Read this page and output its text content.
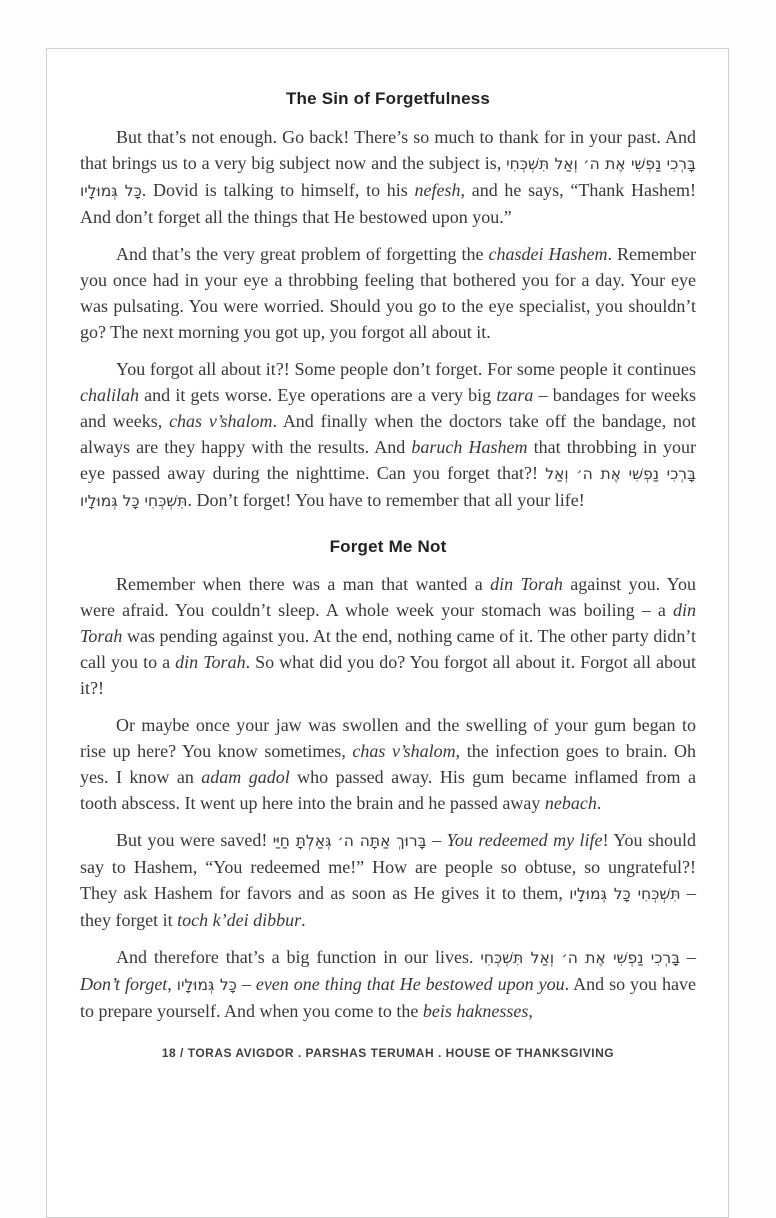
The Sin of Forgetfulness

But that’s not enough. Go back! There’s so much to thank for in your past. And that brings us to a very big subject now and the subject is, בָּרְכִי נַפְשִׁי אֶת ה׳ וְאַל תִּשְׁכְּחִי כָּל גְּמוּלָיו. Dovid is talking to himself, to his nefesh, and he says, “Thank Hashem! And don’t forget all the things that He bestowed upon you.”

And that’s the very great problem of forgetting the chasdei Hashem. Remember you once had in your eye a throbbing feeling that bothered you for a day. Your eye was pulsating. You were worried. Should you go to the eye specialist, you shouldn’t go? The next morning you got up, you forgot all about it.

You forgot all about it?! Some people don’t forget. For some people it continues chalilah and it gets worse. Eye operations are a very big tzara – bandages for weeks and weeks, chas v’shalom. And finally when the doctors take off the bandage, not always are they happy with the results. And baruch Hashem that throbbing in your eye passed away during the nighttime. Can you forget that?! בָּרְכִי נַפְשִׁי אֶת ה׳ וְאַל תִּשְׁכְּחִי כָּל גְּמוּלָיו. Don’t forget! You have to remember that all your life!

Forget Me Not

Remember when there was a man that wanted a din Torah against you. You were afraid. You couldn’t sleep. A whole week your stomach was boiling – a din Torah was pending against you. At the end, nothing came of it. The other party didn’t call you to a din Torah. So what did you do? You forgot all about it. Forgot all about it?!

Or maybe once your jaw was swollen and the swelling of your gum began to rise up here? You know sometimes, chas v’shalom, the infection goes to brain. Oh yes. I know an adam gadol who passed away. His gum became inflamed from a tooth abscess. It went up here into the brain and he passed away nebach.

But you were saved! בָּרוּךְ אַתָּה ה׳ גְּאַלְתָּ חַיַּי – You redeemed my life! You should say to Hashem, “You redeemed me!” How are people so obtuse, so ungrateful?! They ask Hashem for favors and as soon as He gives it to them, תִּשְׁכְּחִי כָּל גְּמוּלָיו – they forget it toch k’dei dibbur.

And therefore that’s a big function in our lives. בָּרְכִי נַפְשִׁי אֶת ה׳ וְאַל תִּשְׁכְּחִי – Don’t forget, כָּל גְּמוּלָיו – even one thing that He bestowed upon you. And so you have to prepare yourself. And when you come to the beis haknesses,

18 / TORAS AVIGDOR . PARSHAS TERUMAH . HOUSE OF THANKSGIVING
